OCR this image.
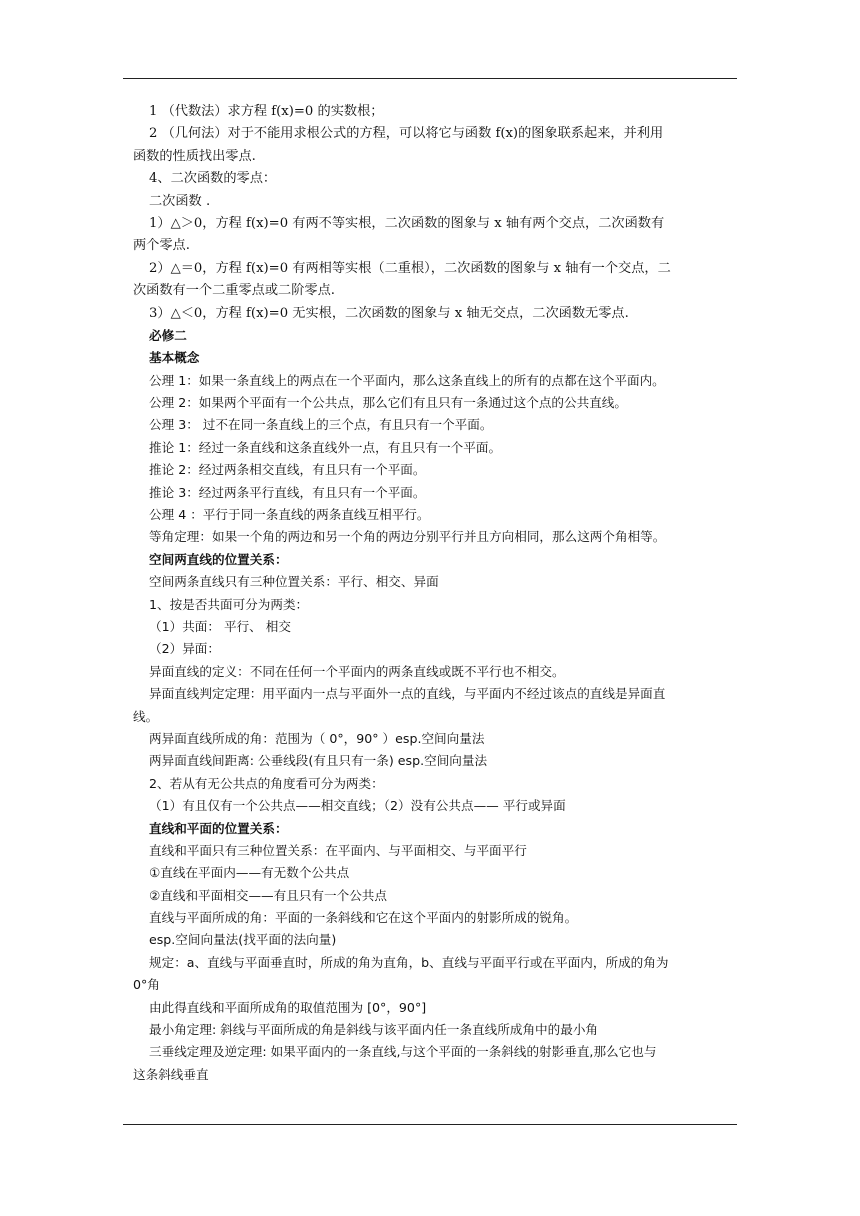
1 （代数法）求方程 f(x)=0 的实数根；
2 （几何法）对于不能用求根公式的方程，可以将它与函数 f(x)的图象联系起来，并利用
函数的性质找出零点.
4、二次函数的零点：
二次函数 .
1）△＞0，方程 f(x)=0 有两不等实根，二次函数的图象与 x 轴有两个交点，二次函数有
两个零点.
2）△＝0，方程 f(x)=0 有两相等实根（二重根），二次函数的图象与 x 轴有一个交点，二
次函数有一个二重零点或二阶零点.
3）△＜0，方程 f(x)=0 无实根，二次函数的图象与 x 轴无交点，二次函数无零点.
必修二
基本概念
公理 1：如果一条直线上的两点在一个平面内，那么这条直线上的所有的点都在这个平面内。
公理 2：如果两个平面有一个公共点，那么它们有且只有一条通过这个点的公共直线。
公理 3： 过不在同一条直线上的三个点，有且只有一个平面。
推论 1：经过一条直线和这条直线外一点，有且只有一个平面。
推论 2：经过两条相交直线，有且只有一个平面。
推论 3：经过两条平行直线，有且只有一个平面。
公理 4 ：平行于同一条直线的两条直线互相平行。
等角定理：如果一个角的两边和另一个角的两边分别平行并且方向相同，那么这两个角相等。
空间两直线的位置关系：
空间两条直线只有三种位置关系：平行、相交、异面
1、按是否共面可分为两类：
（1）共面： 平行、 相交
（2）异面：
异面直线的定义：不同在任何一个平面内的两条直线或既不平行也不相交。
异面直线判定定理：用平面内一点与平面外一点的直线，与平面内不经过该点的直线是异面直
线。
两异面直线所成的角：范围为（ 0°，90° ）esp.空间向量法
两异面直线间距离: 公垂线段(有且只有一条) esp.空间向量法
2、若从有无公共点的角度看可分为两类：
（1）有且仅有一个公共点——相交直线；（2）没有公共点—— 平行或异面
直线和平面的位置关系：
直线和平面只有三种位置关系：在平面内、与平面相交、与平面平行
①直线在平面内——有无数个公共点
②直线和平面相交——有且只有一个公共点
直线与平面所成的角：平面的一条斜线和它在这个平面内的射影所成的锐角。
esp.空间向量法(找平面的法向量)
规定：a、直线与平面垂直时，所成的角为直角，b、直线与平面平行或在平面内，所成的角为
0°角
由此得直线和平面所成角的取值范围为 [0°，90°]
最小角定理: 斜线与平面所成的角是斜线与该平面内任一条直线所成角中的最小角
三垂线定理及逆定理: 如果平面内的一条直线,与这个平面的一条斜线的射影垂直,那么它也与
这条斜线垂直
